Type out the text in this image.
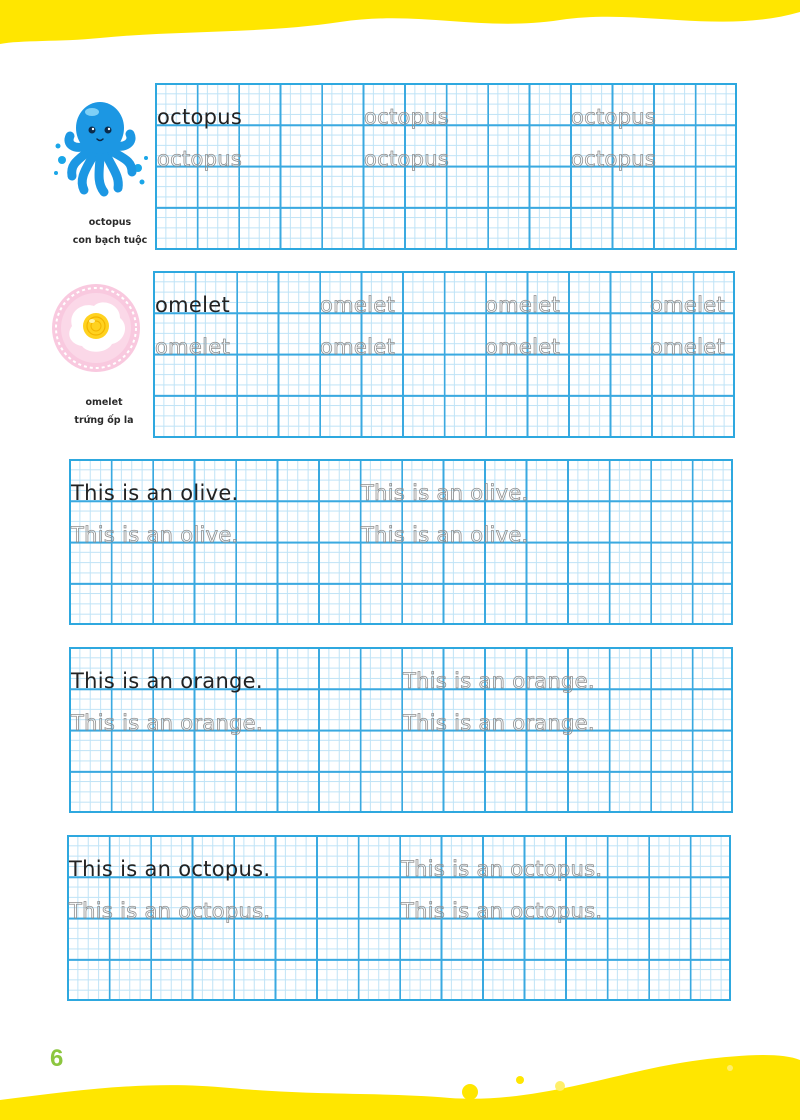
octopus
con bạch tuộc
octopus	octopus	octopus
octopus	octopus	octopus
omelet
trứng ốp la
omelet	omelet	omelet	omelet
omelet	omelet	omelet	omelet
This is an olive.	This is an olive.
This is an olive.	This is an olive.
This is an orange.	This is an orange.
This is an orange.	This is an orange.
This is an octopus.	This is an octopus.
This is an octopus.	This is an octopus.
6
